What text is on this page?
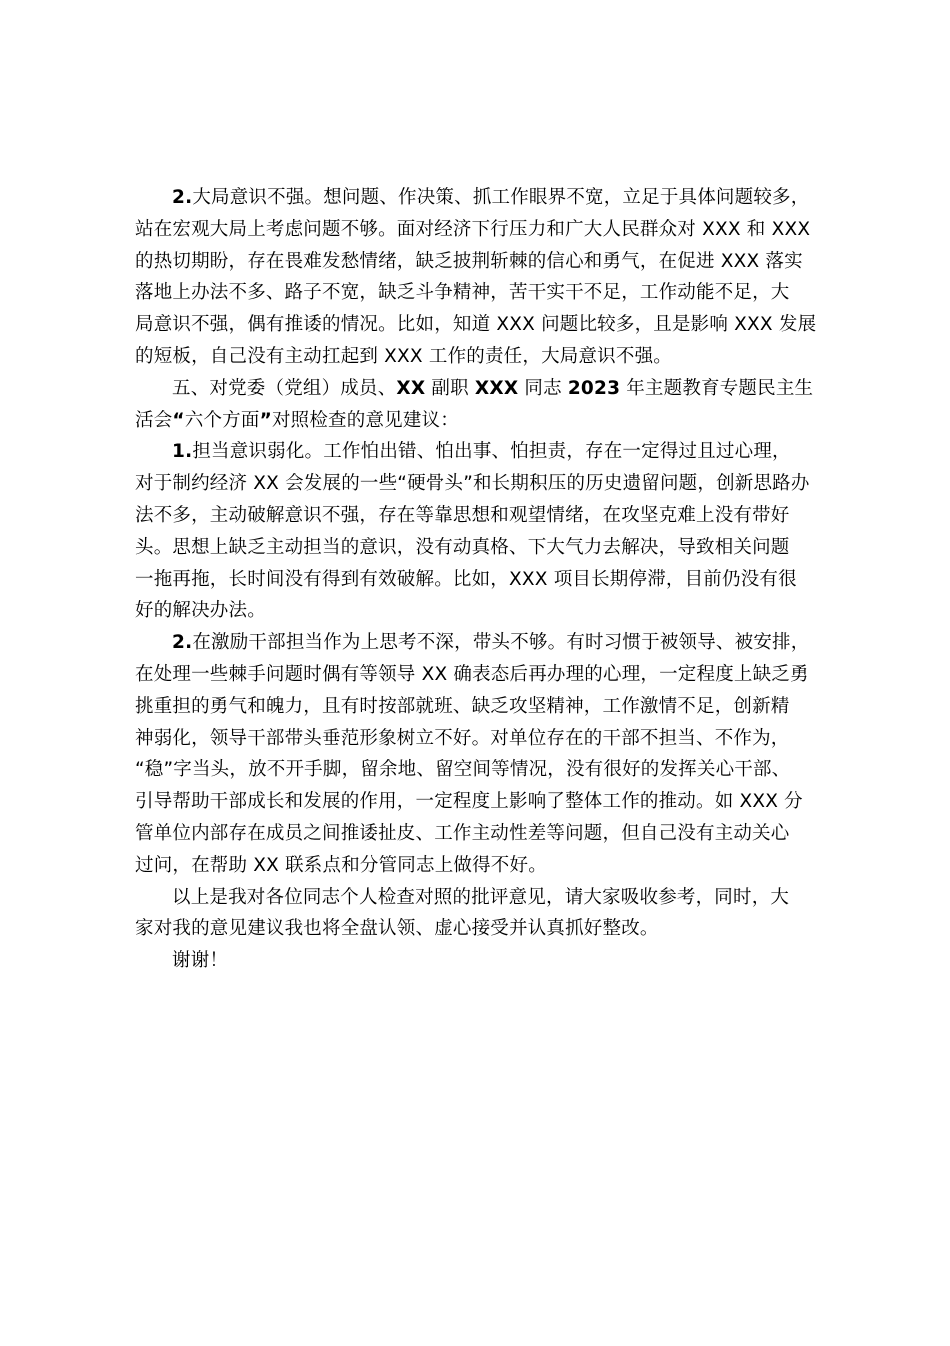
2.大局意识不强。想问题、作决策、抓工作眼界不宽，立足于具体问题较多，
站在宏观大局上考虑问题不够。面对经济下行压力和广大人民群众对 XXX 和 XXX
的热切期盼，存在畏难发愁情绪，缺乏披荆斩棘的信心和勇气，在促进 XXX 落实
落地上办法不多、路子不宽，缺乏斗争精神，苦干实干不足，工作动能不足，大
局意识不强，偶有推诿的情况。比如，知道 XXX 问题比较多，且是影响 XXX 发展
的短板，自己没有主动扛起到 XXX 工作的责任，大局意识不强。

五、对党委（党组）成员、XX 副职 XXX 同志 2023 年主题教育专题民主生
活会“六个方面”对照检查的意见建议：

1.担当意识弱化。工作怕出错、怕出事、怕担责，存在一定得过且过心理，
对于制约经济 XX 会发展的一些“硬骨头”和长期积压的历史遗留问题，创新思路办
法不多，主动破解意识不强，存在等靠思想和观望情绪，在攻坚克难上没有带好
头。思想上缺乏主动担当的意识，没有动真格、下大气力去解决，导致相关问题
一拖再拖，长时间没有得到有效破解。比如，XXX 项目长期停滞，目前仍没有很
好的解决办法。

2.在激励干部担当作为上思考不深，带头不够。有时习惯于被领导、被安排，
在处理一些棘手问题时偶有等领导 XX 确表态后再办理的心理，一定程度上缺乏勇
挑重担的勇气和魄力，且有时按部就班、缺乏攻坚精神，工作激情不足，创新精
神弱化，领导干部带头垂范形象树立不好。对单位存在的干部不担当、不作为，
“稳”字当头，放不开手脚，留余地、留空间等情况，没有很好的发挥关心干部、
引导帮助干部成长和发展的作用，一定程度上影响了整体工作的推动。如 XXX 分
管单位内部存在成员之间推诿扯皮、工作主动性差等问题，但自己没有主动关心
过问，在帮助 XX 联系点和分管同志上做得不好。

以上是我对各位同志个人检查对照的批评意见，请大家吸收参考，同时，大
家对我的意见建议我也将全盘认领、虚心接受并认真抓好整改。

谢谢！
